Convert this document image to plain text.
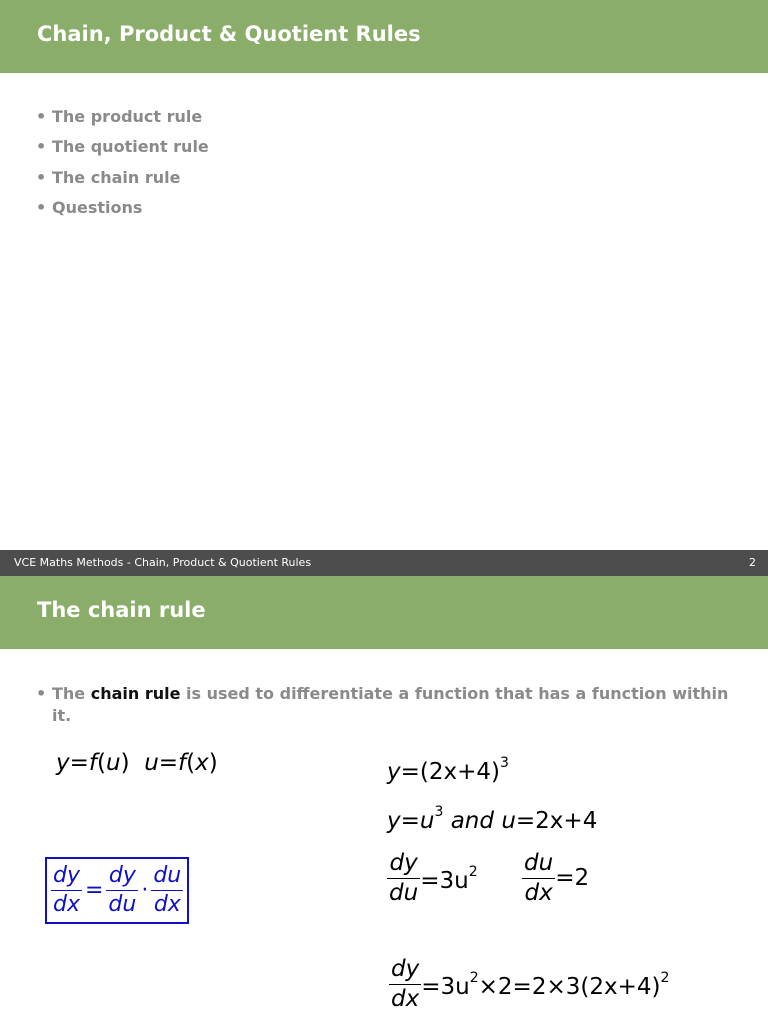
Chain, Product & Quotient Rules
• The product rule
• The quotient rule
• The chain rule
• Questions
VCE Maths Methods - Chain, Product & Quotient Rules	2
The chain rule
• The chain rule is used to differentiate a function that has a function within it.
y=f(u)  u=f(x)
$\frac{dy}{dx} = \frac{dy}{du} \cdot \frac{du}{dx}$
$y=(2x+4)^3$
$y=u^3$ and u=2x+4
$\frac{dy}{du} =3u^2 \frac{du}{dx} =2$
$\frac{dy}{dx} =3u^2\times 2=2\times 3(2x+4)^2$
